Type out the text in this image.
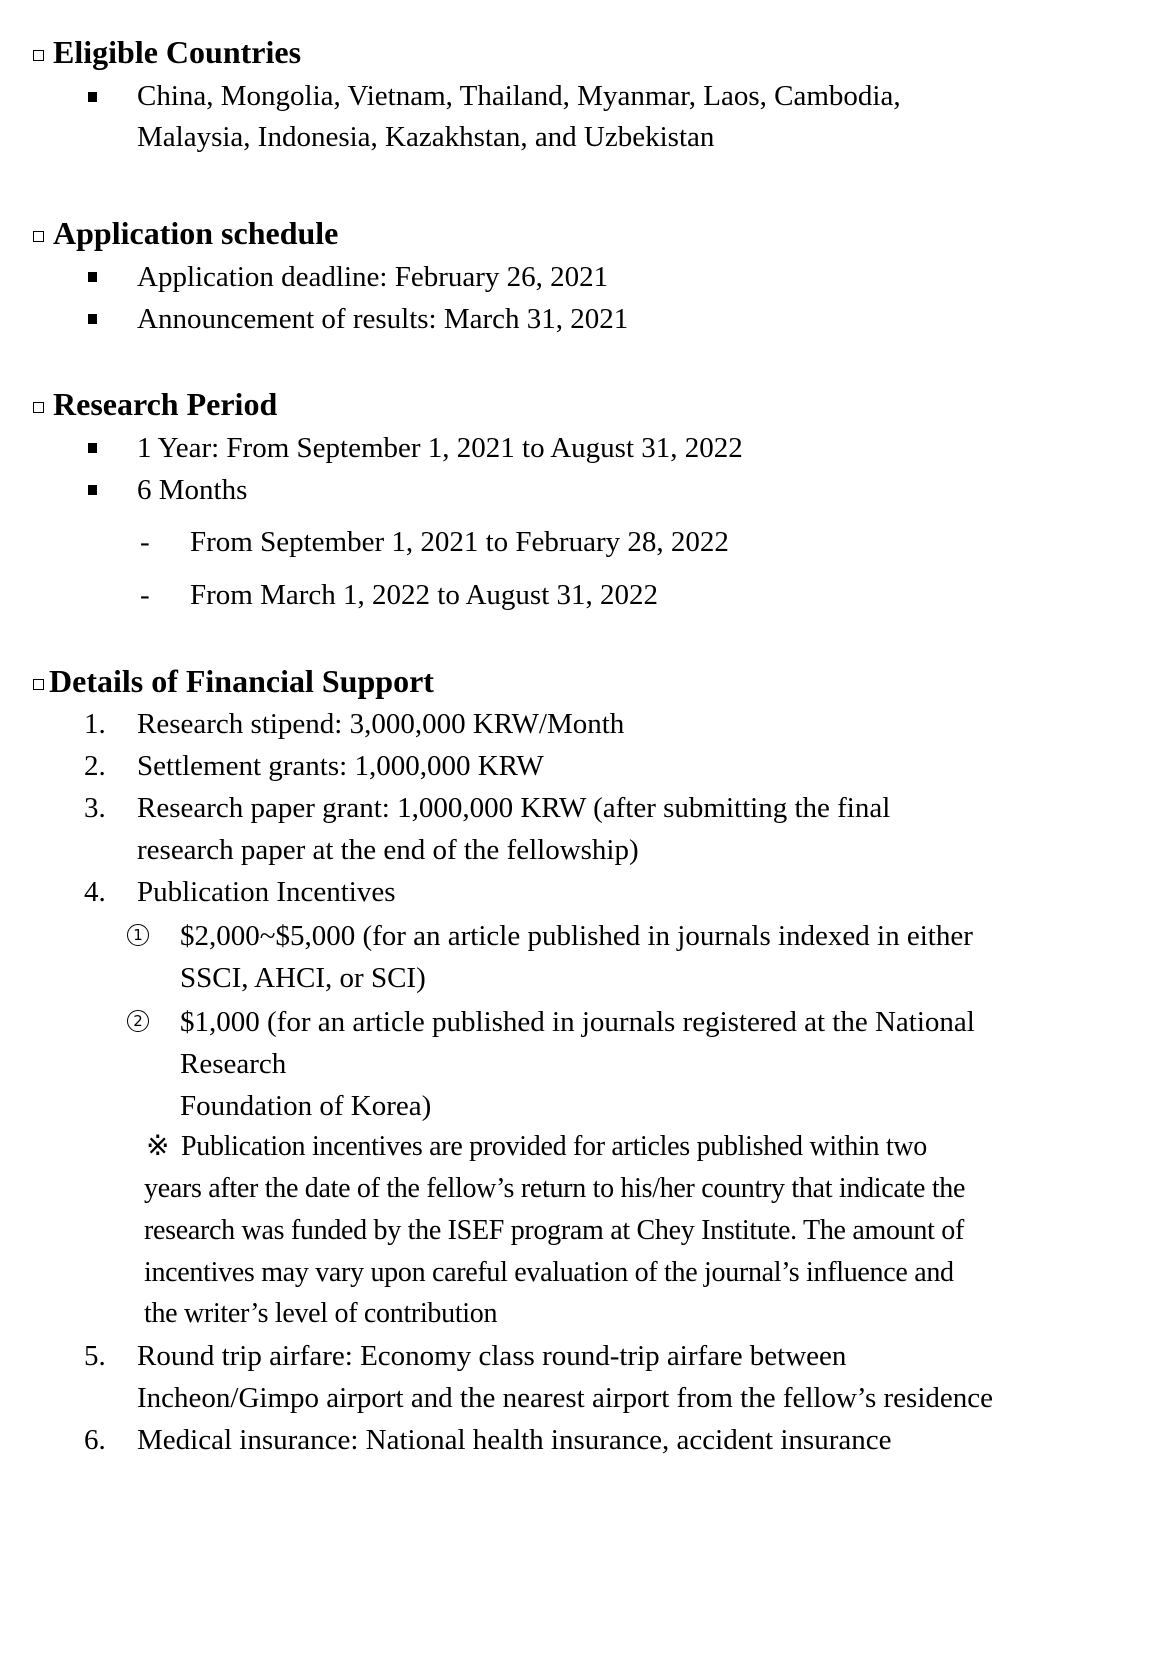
Eligible Countries
China, Mongolia, Vietnam, Thailand, Myanmar, Laos, Cambodia,
Malaysia, Indonesia, Kazakhstan, and Uzbekistan
Application schedule
Application deadline: February 26, 2021
Announcement of results: March 31, 2021
Research Period
1 Year: From September 1, 2021 to August 31, 2022
6 Months
- From September 1, 2021 to February 28, 2022
- From March 1, 2022 to August 31, 2022
Details of Financial Support
1. Research stipend: 3,000,000 KRW/Month
2. Settlement grants: 1,000,000 KRW
3. Research paper grant: 1,000,000 KRW (after submitting the final
research paper at the end of the fellowship)
4. Publication Incentives
1 $2,000~$5,000 (for an article published in journals indexed in either
SSCI, AHCI, or SCI)
2 $1,000 (for an article published in journals registered at the National
Research
Foundation of Korea)
※ Publication incentives are provided for articles published within two
years after the date of the fellow’s return to his/her country that indicate the
research was funded by the ISEF program at Chey Institute. The amount of
incentives may vary upon careful evaluation of the journal’s influence and
the writer’s level of contribution
5. Round trip airfare: Economy class round-trip airfare between
Incheon/Gimpo airport and the nearest airport from the fellow’s residence
6. Medical insurance: National health insurance, accident insurance
